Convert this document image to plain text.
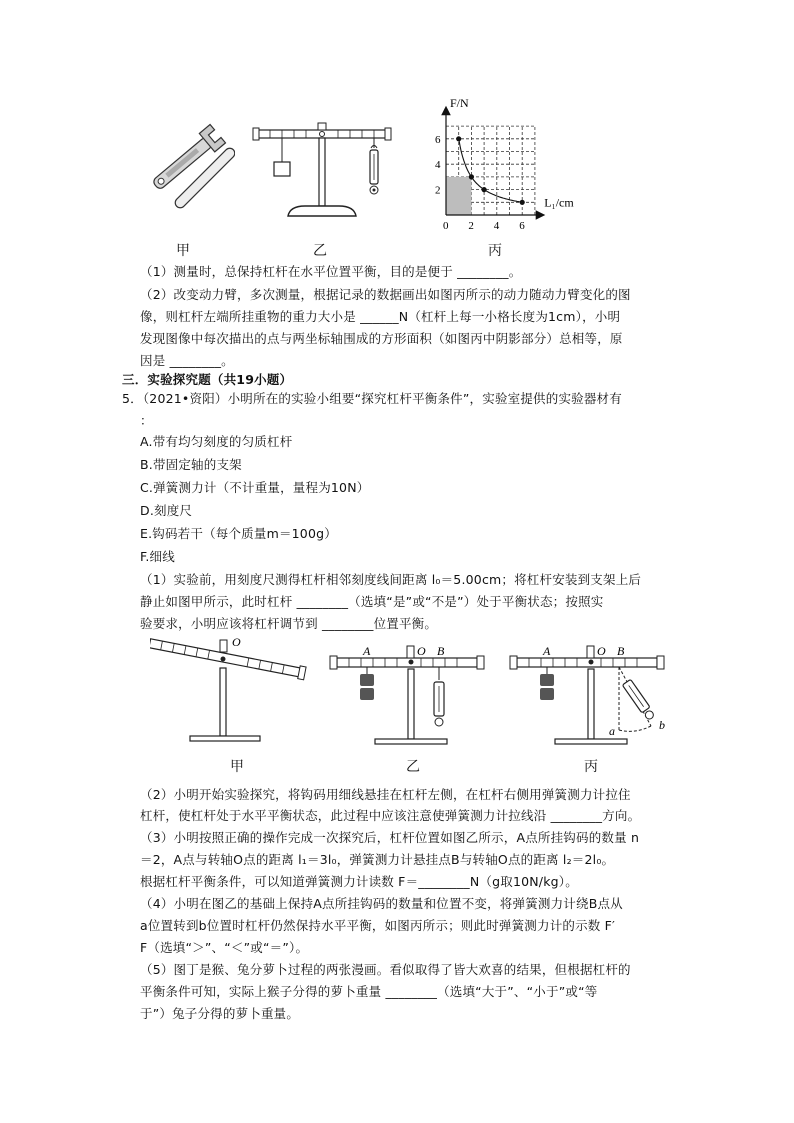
2
4
6
0 2 4 6
F/N
L₁/cm
甲	乙	丙
（1）测量时，总保持杠杆在水平位置平衡，目的是便于 ________。
（2）改变动力臂，多次测量，根据记录的数据画出如图丙所示的动力随动力臂变化的图
像，则杠杆左端所挂重物的重力大小是 ______N（杠杆上每一小格长度为1cm），小明
发现图像中每次描出的点与两坐标轴围成的方形面积（如图丙中阴影部分）总相等，原
因是 ________。
三．实验探究题（共19小题）
5．（2021•资阳）小明所在的实验小组要“探究杠杆平衡条件”，实验室提供的实验器材有
：
A.带有均匀刻度的匀质杠杆
B.带固定轴的支架
C.弹簧测力计（不计重量，量程为10N）
D.刻度尺
E.钩码若干（每个质量m＝100g）
F.细线
（1）实验前，用刻度尺测得杠杆相邻刻度线间距离 l₀＝5.00cm；将杠杆安装到支架上后
静止如图甲所示，此时杠杆 ________（选填“是”或“不是”）处于平衡状态；按照实
验要求，小明应该将杠杆调节到 ________位置平衡。
O
A	O B	A	O B
a	b
甲	乙	丙
（2）小明开始实验探究，将钩码用细线悬挂在杠杆左侧，在杠杆右侧用弹簧测力计拉住
杠杆，使杠杆处于水平平衡状态，此过程中应该注意使弹簧测力计拉线沿 ________方向。
（3）小明按照正确的操作完成一次探究后，杠杆位置如图乙所示，A点所挂钩码的数量 n
＝2，A点与转轴O点的距离 l₁＝3l₀，弹簧测力计悬挂点B与转轴O点的距离 l₂＝2l₀。
根据杠杆平衡条件，可以知道弹簧测力计读数 F＝________N（g取10N/kg）。
（4）小明在图乙的基础上保持A点所挂钩码的数量和位置不变，将弹簧测力计绕B点从
a位置转到b位置时杠杆仍然保持水平平衡，如图丙所示；则此时弹簧测力计的示数 F′
F（选填“＞”、“＜”或“＝”）。
（5）图丁是猴、兔分萝卜过程的两张漫画。看似取得了皆大欢喜的结果，但根据杠杆的
平衡条件可知，实际上猴子分得的萝卜重量 ________（选填“大于”、“小于”或“等
于”）兔子分得的萝卜重量。
